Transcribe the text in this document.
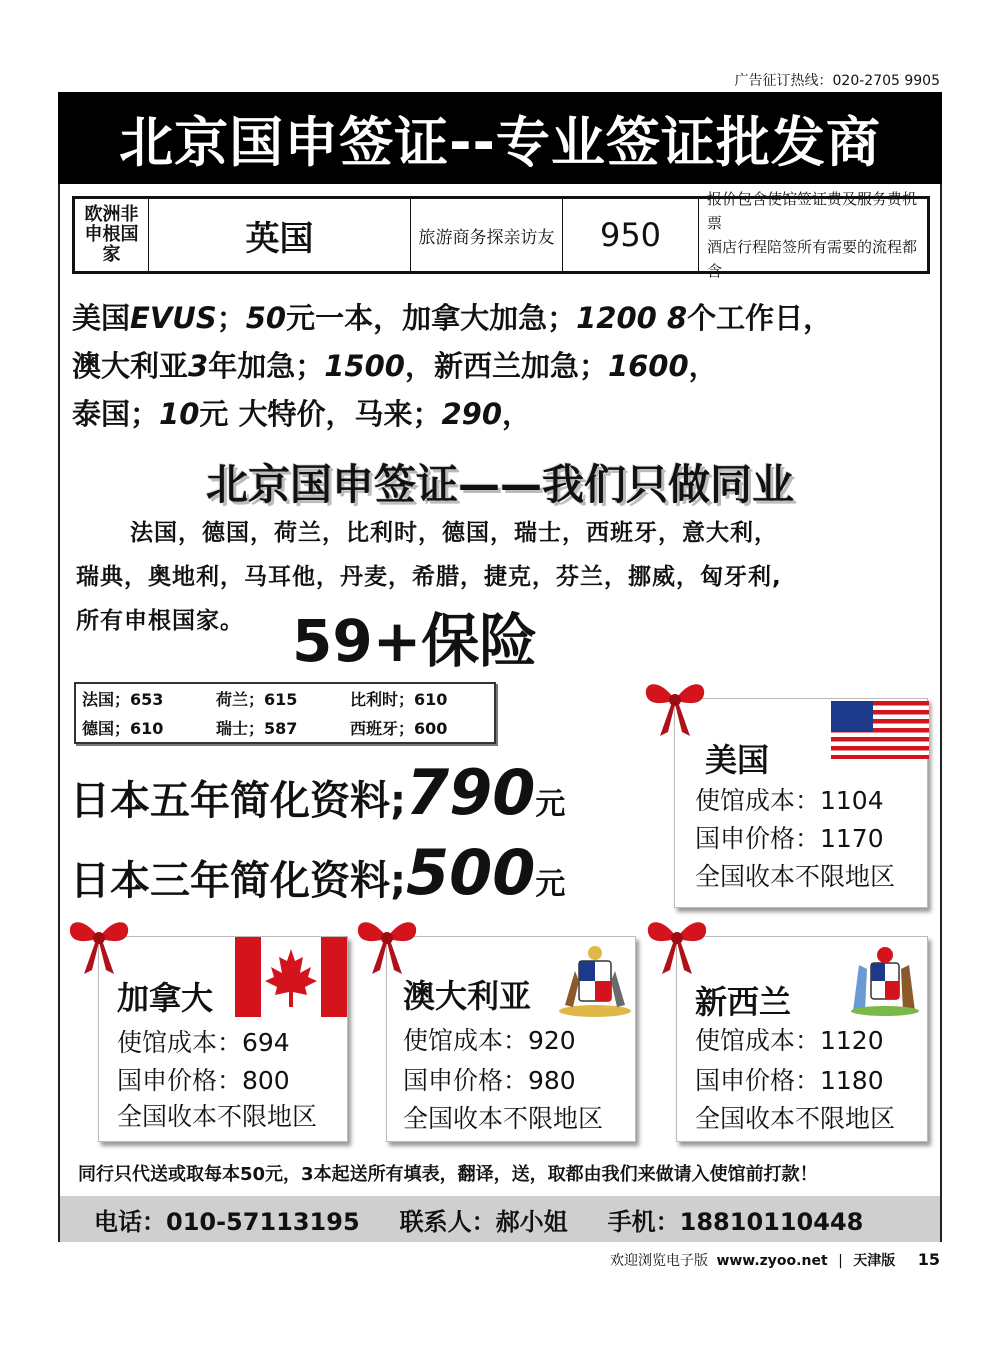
广告征订热线：020-2705 9905
北京国申签证--专业签证批发商
欧洲非申根国家	英国	旅游商务探亲访友	950
报价包含使馆签证费及服务费机票
酒店行程陪签所有需要的流程都含
美国EVUS；50元一本，加拿大加急；1200 8个工作日，
澳大利亚3年加急；1500，新西兰加急；1600，
泰国；10元 大特价，马来；290，
北京国申签证——我们只做同业
法国，德国，荷兰，比利时，德国，瑞士，西班牙，意大利，
瑞典，奥地利，马耳他，丹麦，希腊，捷克，芬兰，挪威，匈牙利,
所有申根国家。 59+保险
法国；653	荷兰；615	比利时；610
德国；610	瑞士；587	西班牙；600
日本五年简化资料;790元
日本三年简化资料;500元
美国
使馆成本：1104
国申价格：1170
全国收本不限地区
加拿大
使馆成本：694
国申价格：800
全国收本不限地区
澳大利亚
使馆成本：920
国申价格：980
全国收本不限地区
新西兰
使馆成本：1120
国申价格：1180
全国收本不限地区
同行只代送或取每本50元，3本起送所有填表，翻译，送，取都由我们来做请入使馆前打款！
电话：010-57113195 联系人：郝小姐 手机：18810110448
欢迎浏览电子版 www.zyoo.net | 天津版 15
